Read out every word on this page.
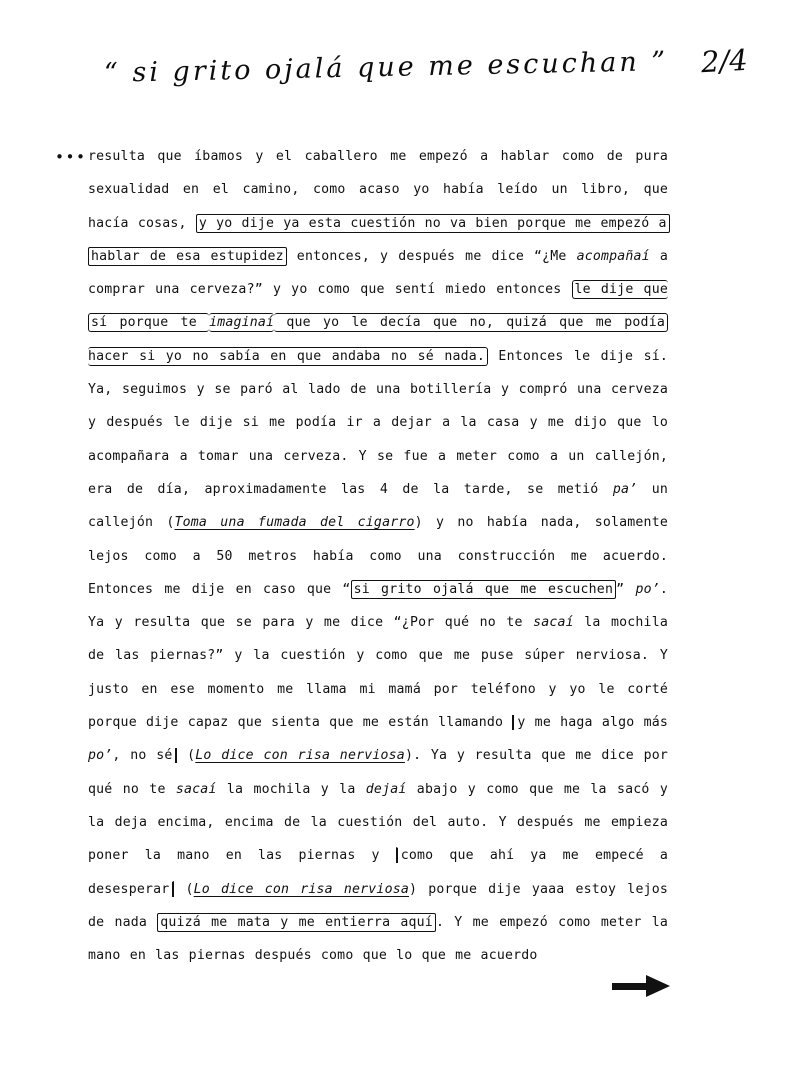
“ si grito ojalá que me escuchan ” 2/4
••• resulta que íbamos y el caballero me empezó a hablar como de pura sexualidad en el camino, como acaso yo había leído un libro, que hacía cosas, y yo dije ya esta cuestión no va bien porque me empezó a hablar de esa estupidez entonces, y después me dice “¿Me acompañaí a comprar una cerveza?” y yo como que sentí miedo entonces le dije que sí porque te imaginaí que yo le decía que no, quizá que me podía hacer si yo no sabía en que andaba no sé nada. Entonces le dije sí. Ya, seguimos y se paró al lado de una botillería y compró una cerveza y después le dije si me podía ir a dejar a la casa y me dijo que lo acompañara a tomar una cerveza. Y se fue a meter como a un callejón, era de día, aproximadamente las 4 de la tarde, se metió pa’ un callejón (Toma una fumada del cigarro) y no había nada, solamente lejos como a 50 metros había como una construcción me acuerdo. Entonces me dije en caso que “ si grito ojalá que me escuchen ” po’. Ya y resulta que se para y me dice “¿Por qué no te sacaí la mochila de las piernas?” y la cuestión y como que me puse súper nerviosa. Y justo en ese momento me llama mi mamá por teléfono y yo le corté porque dije capaz que sienta que me están llamando y me haga algo más po’, no sé (Lo dice con risa nerviosa). Ya y resulta que me dice por qué no te sacaí la mochila y la dejaí abajo y como que me la sacó y la deja encima, encima de la cuestión del auto. Y después me empieza poner la mano en las piernas y como que ahí ya me empecé a desesperar (Lo dice con risa nerviosa) porque dije yaaa estoy lejos de nada quizá me mata y me entierra aquí . Y me empezó como meter la mano en las piernas después como que lo que me acuerdo
